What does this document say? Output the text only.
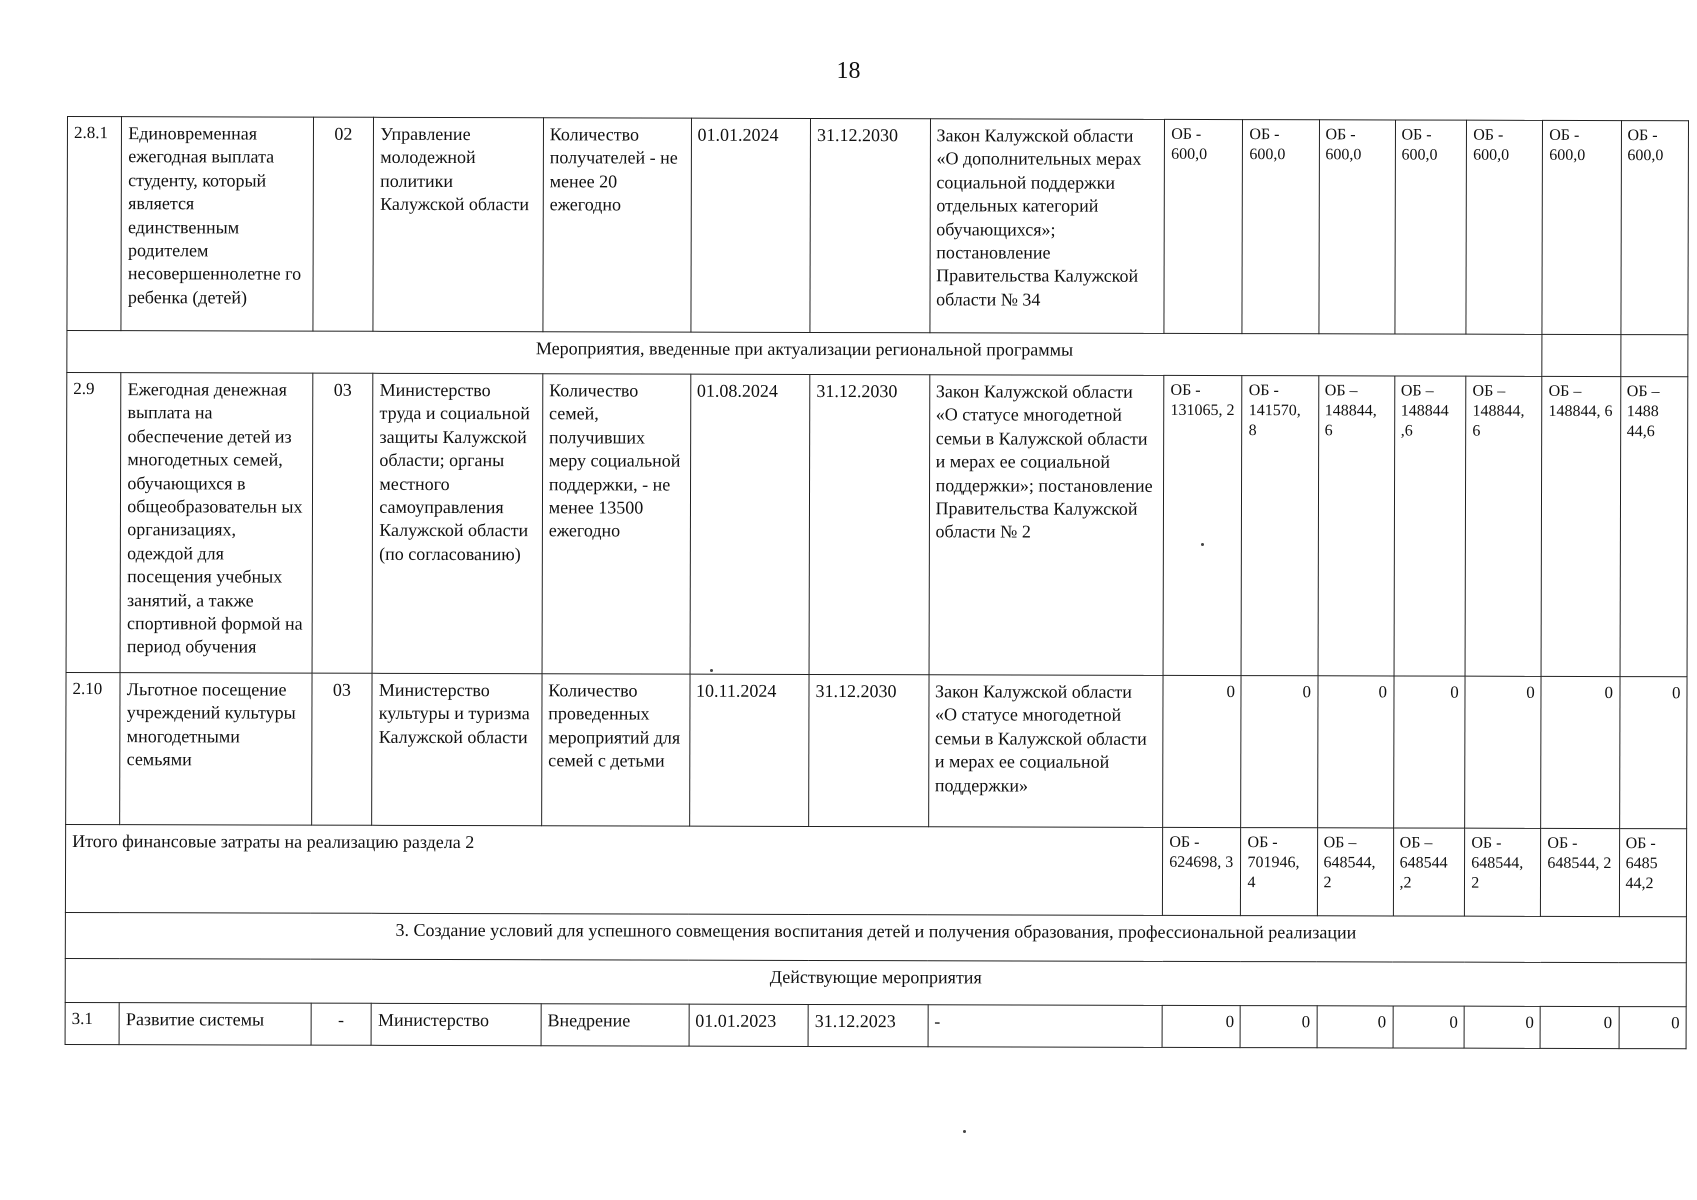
18
2.8.1	Единовременная ежегодная выплата студенту, который является единственным родителем несовершеннолетне го ребенка (детей)	02	Управление молодежной политики Калужской области	Количество получателей - не менее 20 ежегодно	01.01.2024	31.12.2030	Закон Калужской области «О дополнительных мерах социальной поддержки отдельных категорий обучающихся»; постановление Правительства Калужской области № 34	ОБ - 600,0	ОБ - 600,0	ОБ - 600,0	ОБ - 600,0	ОБ - 600,0	ОБ - 600,0	ОБ - 600,0
Мероприятия, введенные при актуализации региональной программы														
2.9	Ежегодная денежная выплата на обеспечение детей из многодетных семей, обучающихся в общеобразовательн ых организациях, одеждой для посещения учебных занятий, а также спортивной формой на период обучения	03	Министерство труда и социальной защиты Калужской области; органы местного самоуправления Калужской области (по согласованию)	Количество семей, получивших меру социальной поддержки, - не менее 13500 ежегодно	01.08.2024	31.12.2030	Закон Калужской области «О статусе многодетной семьи в Калужской области и мерах ее социальной поддержки»; постановление Правительства Калужской области № 2	ОБ - 131065, 2	ОБ - 141570, 8	ОБ – 148844, 6	ОБ – 148844 ,6	ОБ – 148844, 6	ОБ – 148844, 6	ОБ – 1488 44,6
2.10	Льготное посещение учреждений культуры многодетными семьями	03	Министерство культуры и туризма Калужской области	Количество проведенных мероприятий для семей с детьми	10.11.2024	31.12.2030	Закон Калужской области «О статусе многодетной семьи в Калужской области и мерах ее социальной поддержки»	0	0	0	0	0	0	0
Итого финансовые затраты на реализацию раздела 2								ОБ - 624698, 3	ОБ - 701946, 4	ОБ – 648544, 2	ОБ – 648544 ,2	ОБ - 648544, 2	ОБ - 648544, 2	ОБ - 6485 44,2
3. Создание условий для успешного совмещения воспитания детей и получения образования, профессиональной реализации														
Действующие мероприятия														
3.1	Развитие системы	-	Министерство	Внедрение	01.01.2023	31.12.2023	-	0	0	0	0	0	0	0
